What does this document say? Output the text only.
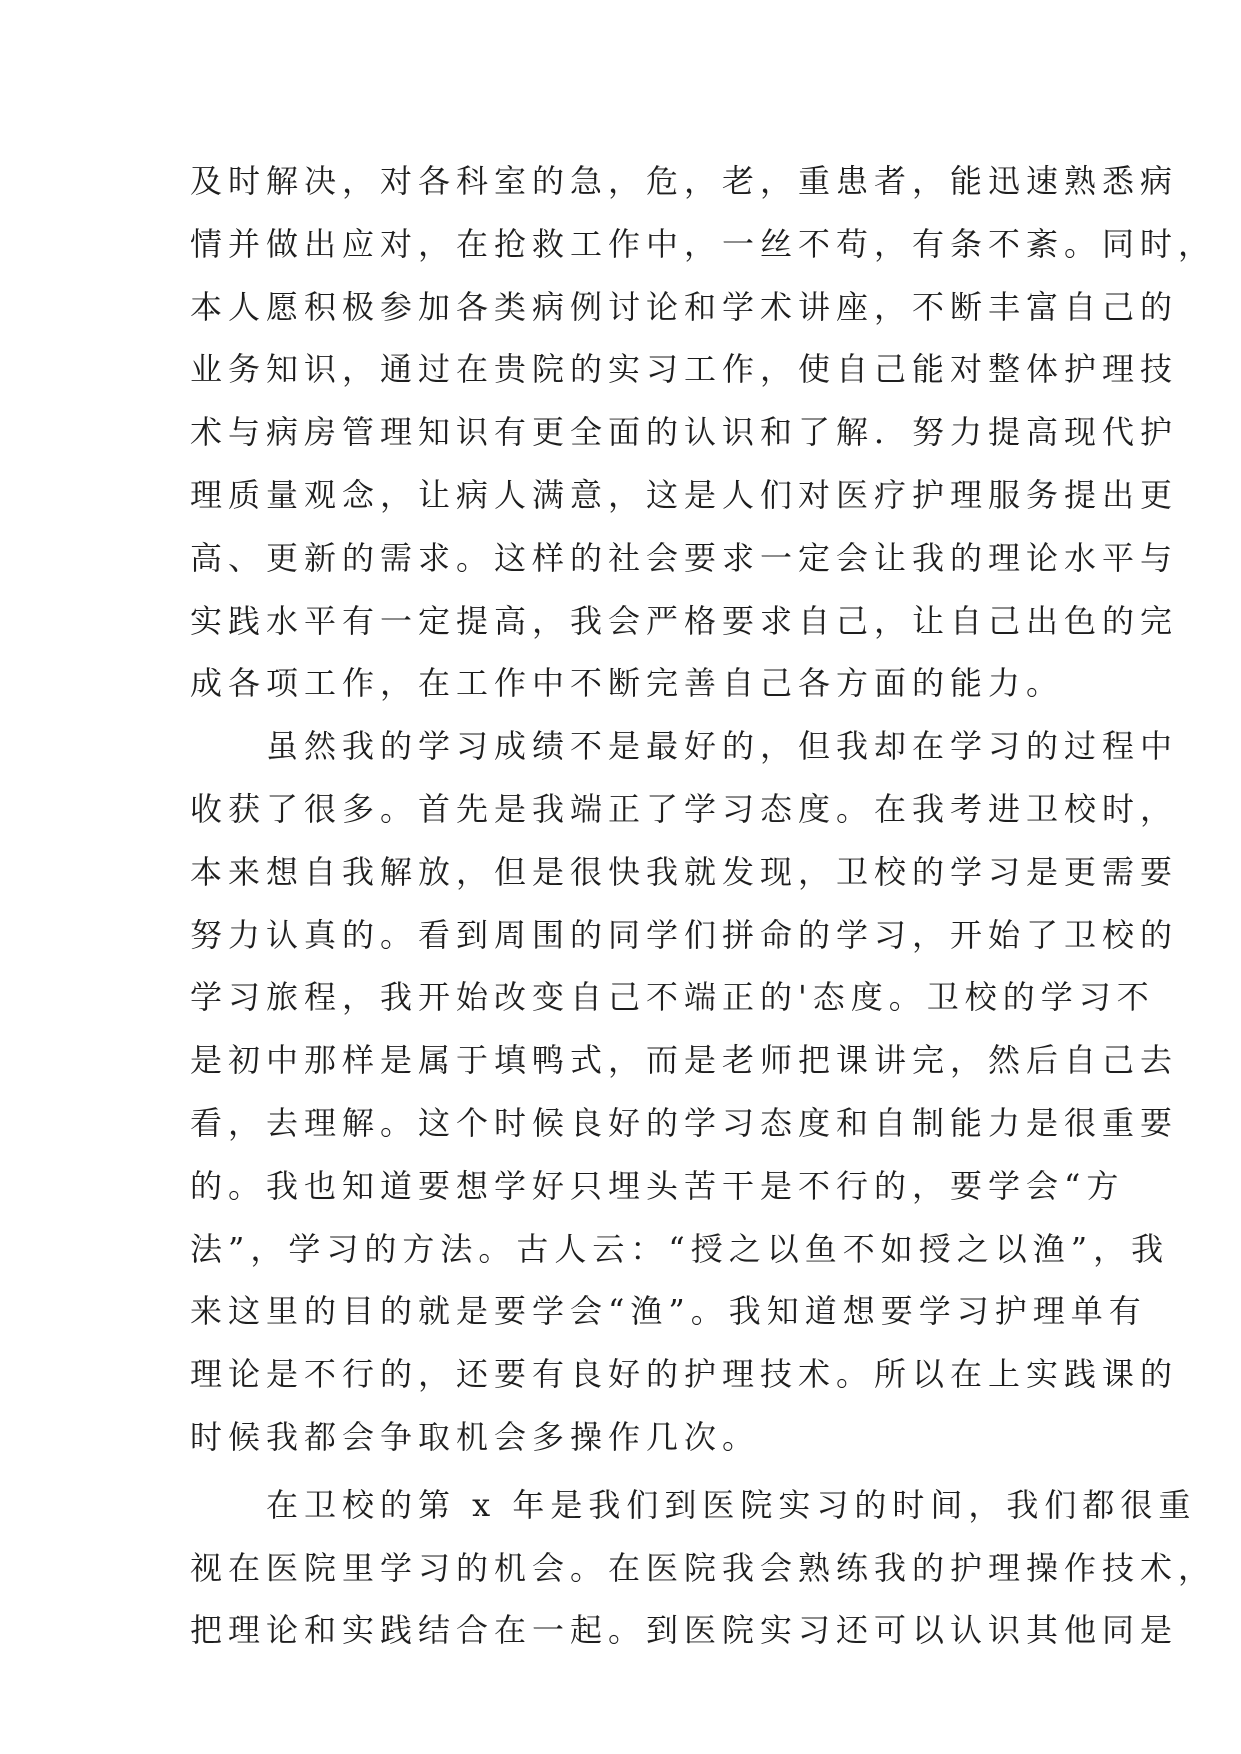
及时解决，对各科室的急，危，老，重患者，能迅速熟悉病
情并做出应对，在抢救工作中，一丝不苟，有条不紊。同时，
本人愿积极参加各类病例讨论和学术讲座，不断丰富自己的
业务知识，通过在贵院的实习工作，使自己能对整体护理技
术与病房管理知识有更全面的认识和了解．努力提高现代护
理质量观念，让病人满意，这是人们对医疗护理服务提出更
高、更新的需求。这样的社会要求一定会让我的理论水平与
实践水平有一定提高，我会严格要求自己，让自己出色的完
成各项工作，在工作中不断完善自己各方面的能力。
　　虽然我的学习成绩不是最好的，但我却在学习的过程中
收获了很多。首先是我端正了学习态度。在我考进卫校时，
本来想自我解放，但是很快我就发现，卫校的学习是更需要
努力认真的。看到周围的同学们拼命的学习，开始了卫校的
学习旅程，我开始改变自己不端正的'态度。卫校的学习不
是初中那样是属于填鸭式，而是老师把课讲完，然后自己去
看，去理解。这个时候良好的学习态度和自制能力是很重要
的。我也知道要想学好只埋头苦干是不行的，要学会“方
法”，学习的方法。古人云：“授之以鱼不如授之以渔”，我
来这里的目的就是要学会“渔”。我知道想要学习护理单有
理论是不行的，还要有良好的护理技术。所以在上实践课的
时候我都会争取机会多操作几次。
　　在卫校的第 x 年是我们到医院实习的时间，我们都很重
视在医院里学习的机会。在医院我会熟练我的护理操作技术，
把理论和实践结合在一起。到医院实习还可以认识其他同是
